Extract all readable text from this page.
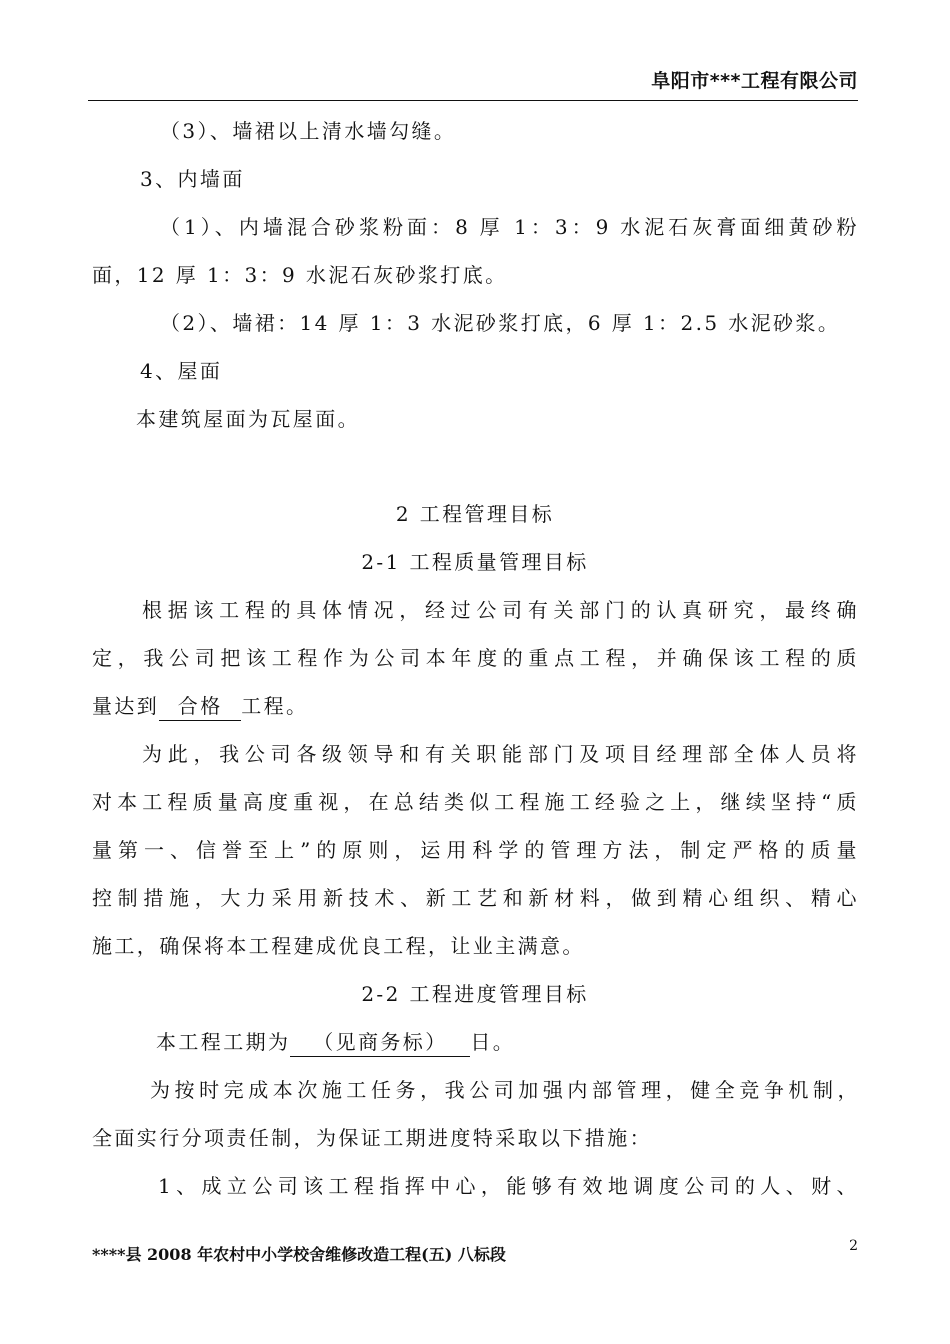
阜阳市***工程有限公司
（3）、墙裙以上清水墙勾缝。
3、内墙面
（1）、内墙混合砂浆粉面：8 厚 1：3：9 水泥石灰膏面细黄砂粉
面，12 厚 1：3：9 水泥石灰砂浆打底。
（2）、墙裙：14 厚 1：3 水泥砂浆打底，6 厚 1：2.5 水泥砂浆。
4、屋面
本建筑屋面为瓦屋面。
2 工程管理目标
2-1 工程质量管理目标
根据该工程的具体情况，经过公司有关部门的认真研究，最终确
定，我公司把该工程作为公司本年度的重点工程，并确保该工程的质
量达到 合格 工程。
为此，我公司各级领导和有关职能部门及项目经理部全体人员将
对本工程质量高度重视，在总结类似工程施工经验之上，继续坚持“质
量第一、信誉至上”的原则，运用科学的管理方法，制定严格的质量
控制措施，大力采用新技术、新工艺和新材料，做到精心组织、精心
施工，确保将本工程建成优良工程，让业主满意。
2-2 工程进度管理目标
本工程工期为 （见商务标） 日。
为按时完成本次施工任务，我公司加强内部管理，健全竞争机制，
全面实行分项责任制，为保证工期进度特采取以下措施：
1、成立公司该工程指挥中心，能够有效地调度公司的人、财、
****县 2008 年农村中小学校舍维修改造工程(五) 八标段	2
